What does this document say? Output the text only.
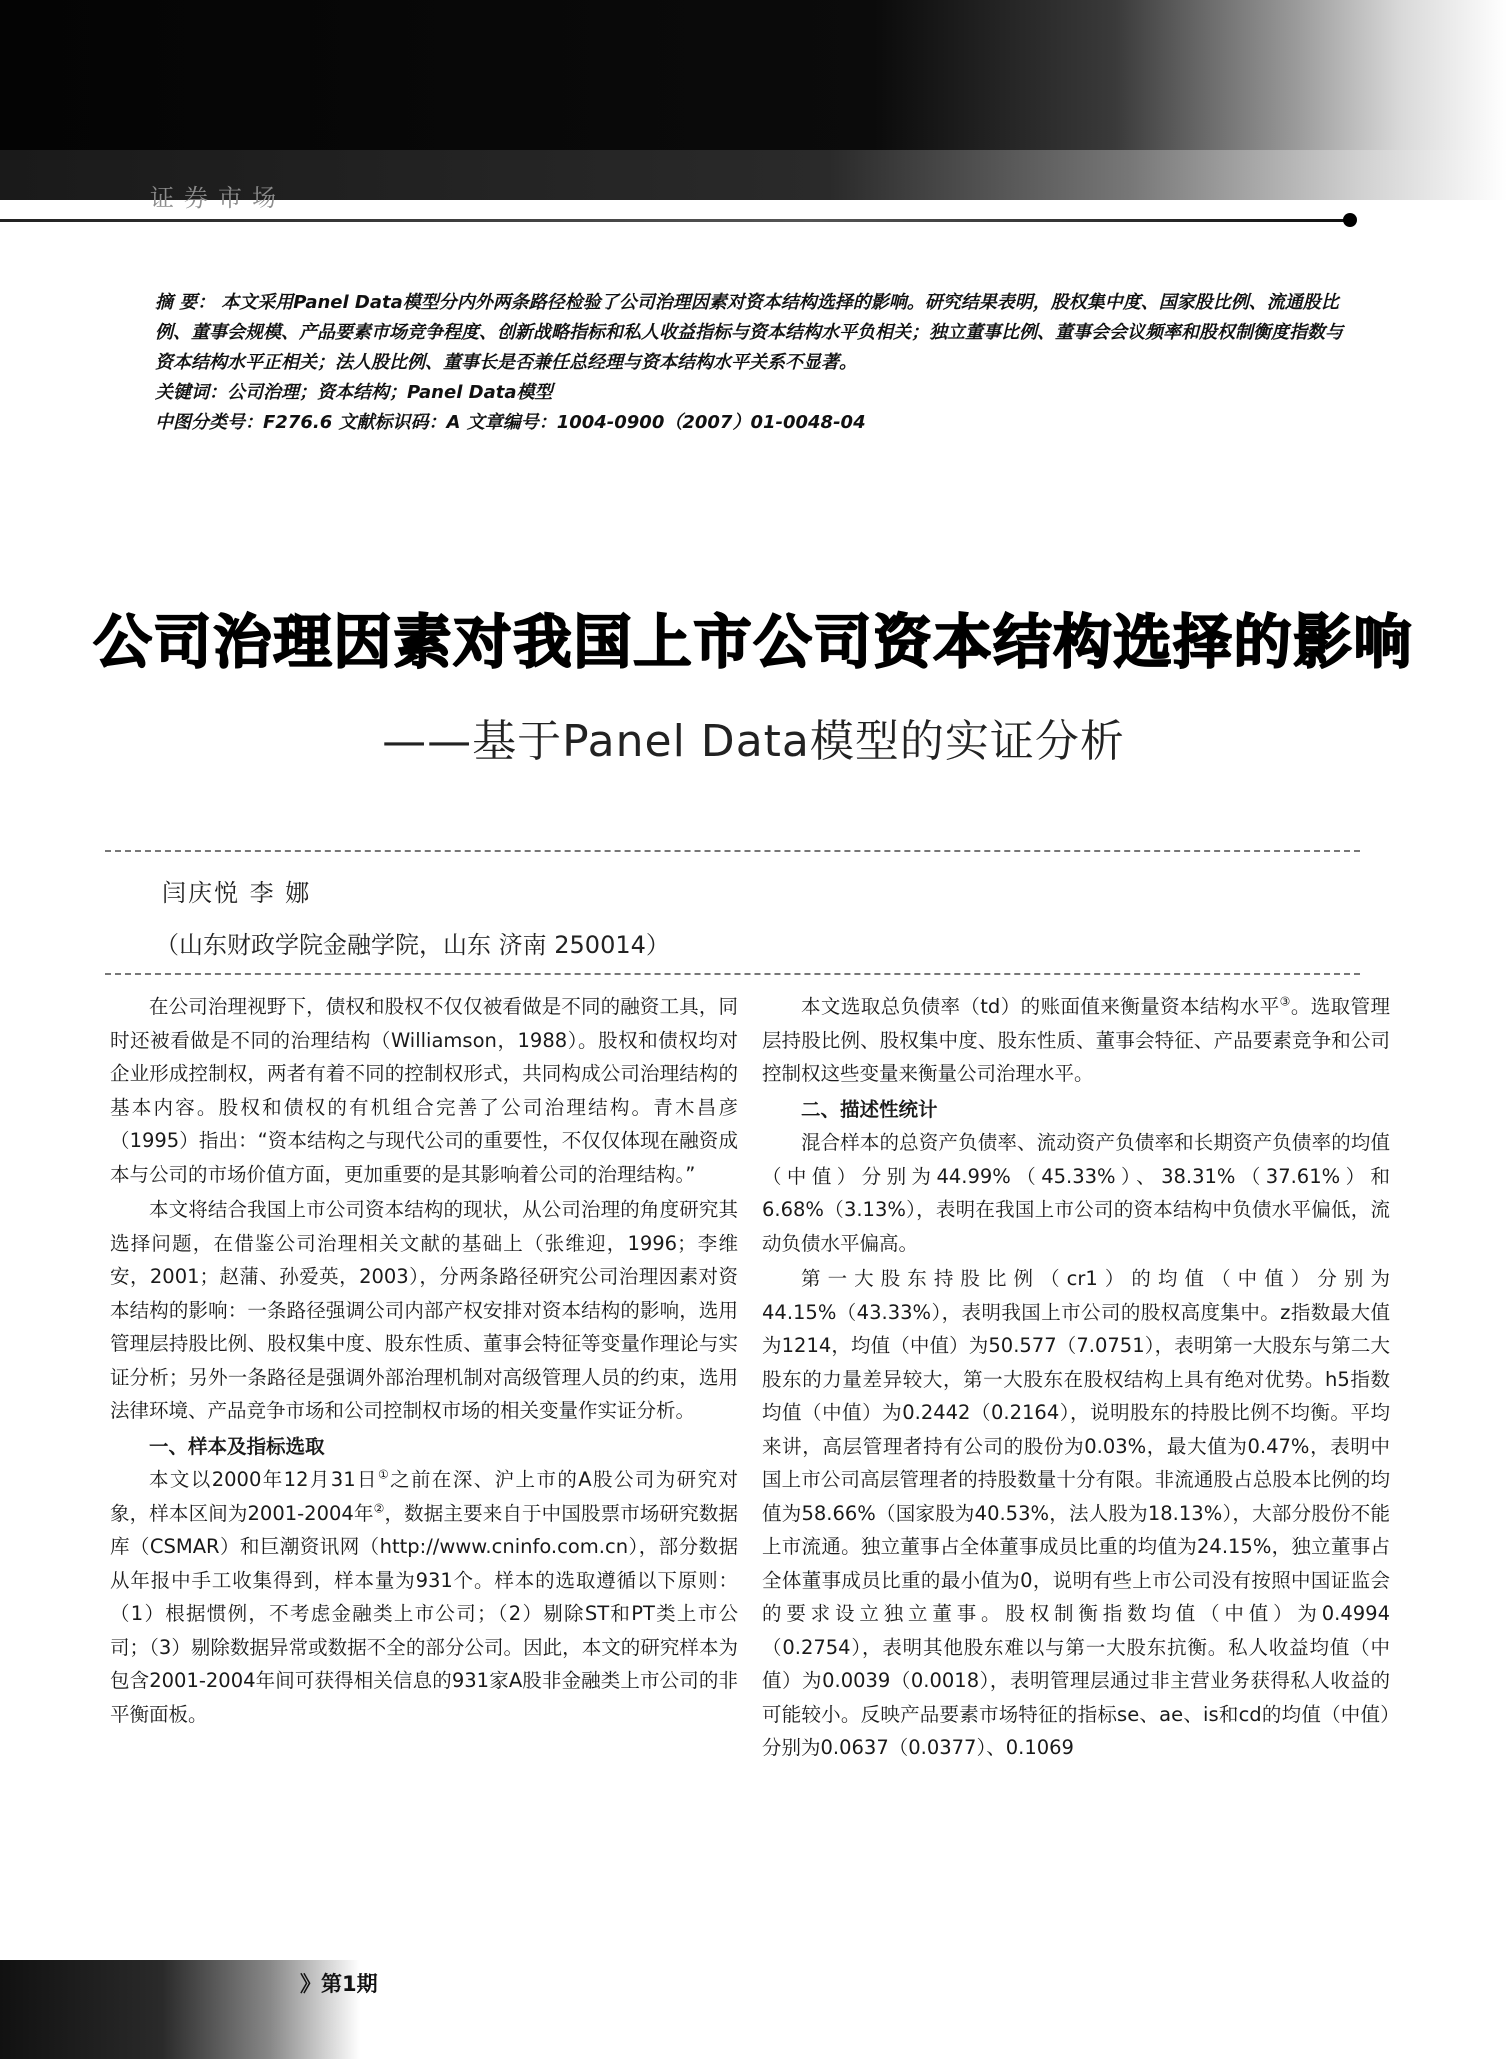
证券市场

摘 要： 本文采用Panel Data模型分内外两条路径检验了公司治理因素对资本结构选择的影响。研究结果表明，股权集中度、国家股比例、流通股比例、董事会规模、产品要素市场竞争程度、创新战略指标和私人收益指标与资本结构水平负相关；独立董事比例、董事会会议频率和股权制衡度指数与资本结构水平正相关；法人股比例、董事长是否兼任总经理与资本结构水平关系不显著。

关键词：公司治理；资本结构；Panel Data模型

中图分类号：F276.6 文献标识码：A 文章编号：1004-0900（2007）01-0048-04

公司治理因素对我国上市公司资本结构选择的影响
——基于Panel Data模型的实证分析
闫庆悦 李 娜
（山东财政学院金融学院，山东 济南 250014）

在公司治理视野下，债权和股权不仅仅被看做是不同的融资工具，同时还被看做是不同的治理结构（Williamson，1988）。股权和债权均对企业形成控制权，两者有着不同的控制权形式，共同构成公司治理结构的基本内容。股权和债权的有机组合完善了公司治理结构。青木昌彦（1995）指出：“资本结构之与现代公司的重要性，不仅仅体现在融资成本与公司的市场价值方面，更加重要的是其影响着公司的治理结构。”

本文将结合我国上市公司资本结构的现状，从公司治理的角度研究其选择问题，在借鉴公司治理相关文献的基础上（张维迎，1996；李维安，2001；赵蒲、孙爱英，2003），分两条路径研究公司治理因素对资本结构的影响：一条路径强调公司内部产权安排对资本结构的影响，选用管理层持股比例、股权集中度、股东性质、董事会特征等变量作理论与实证分析；另外一条路径是强调外部治理机制对高级管理人员的约束，选用法律环境、产品竞争市场和公司控制权市场的相关变量作实证分析。

一、样本及指标选取

本文以2000年12月31日①之前在深、沪上市的A股公司为研究对象，样本区间为2001-2004年②，数据主要来自于中国股票市场研究数据库（CSMAR）和巨潮资讯网（http://www.cninfo.com.cn），部分数据从年报中手工收集得到，样本量为931个。样本的选取遵循以下原则：（1）根据惯例，不考虑金融类上市公司；（2）剔除ST和PT类上市公司；（3）剔除数据异常或数据不全的部分公司。因此，本文的研究样本为包含2001-2004年间可获得相关信息的931家A股非金融类上市公司的非平衡面板。

本文选取总负债率（td）的账面值来衡量资本结构水平③。选取管理层持股比例、股权集中度、股东性质、董事会特征、产品要素竞争和公司控制权这些变量来衡量公司治理水平。

二、描述性统计

混合样本的总资产负债率、流动资产负债率和长期资产负债率的均值（中值）分别为44.99%（45.33%）、38.31%（37.61%）和6.68%（3.13%），表明在我国上市公司的资本结构中负债水平偏低，流动负债水平偏高。

第一大股东持股比例（cr1）的均值（中值）分别为44.15%（43.33%），表明我国上市公司的股权高度集中。z指数最大值为1214，均值（中值）为50.577（7.0751），表明第一大股东与第二大股东的力量差异较大，第一大股东在股权结构上具有绝对优势。h5指数均值（中值）为0.2442（0.2164），说明股东的持股比例不均衡。平均来讲，高层管理者持有公司的股份为0.03%，最大值为0.47%，表明中国上市公司高层管理者的持股数量十分有限。非流通股占总股本比例的均值为58.66%（国家股为40.53%，法人股为18.13%），大部分股份不能上市流通。独立董事占全体董事成员比重的均值为24.15%，独立董事占全体董事成员比重的最小值为0，说明有些上市公司没有按照中国证监会的要求设立独立董事。股权制衡指数均值（中值）为0.4994（0.2754），表明其他股东难以与第一大股东抗衡。私人收益均值（中值）为0.0039（0.0018），表明管理层通过非主营业务获得私人收益的可能较小。反映产品要素市场特征的指标se、ae、is和cd的均值（中值）分别为0.0637（0.0377）、0.1069

》第1期
